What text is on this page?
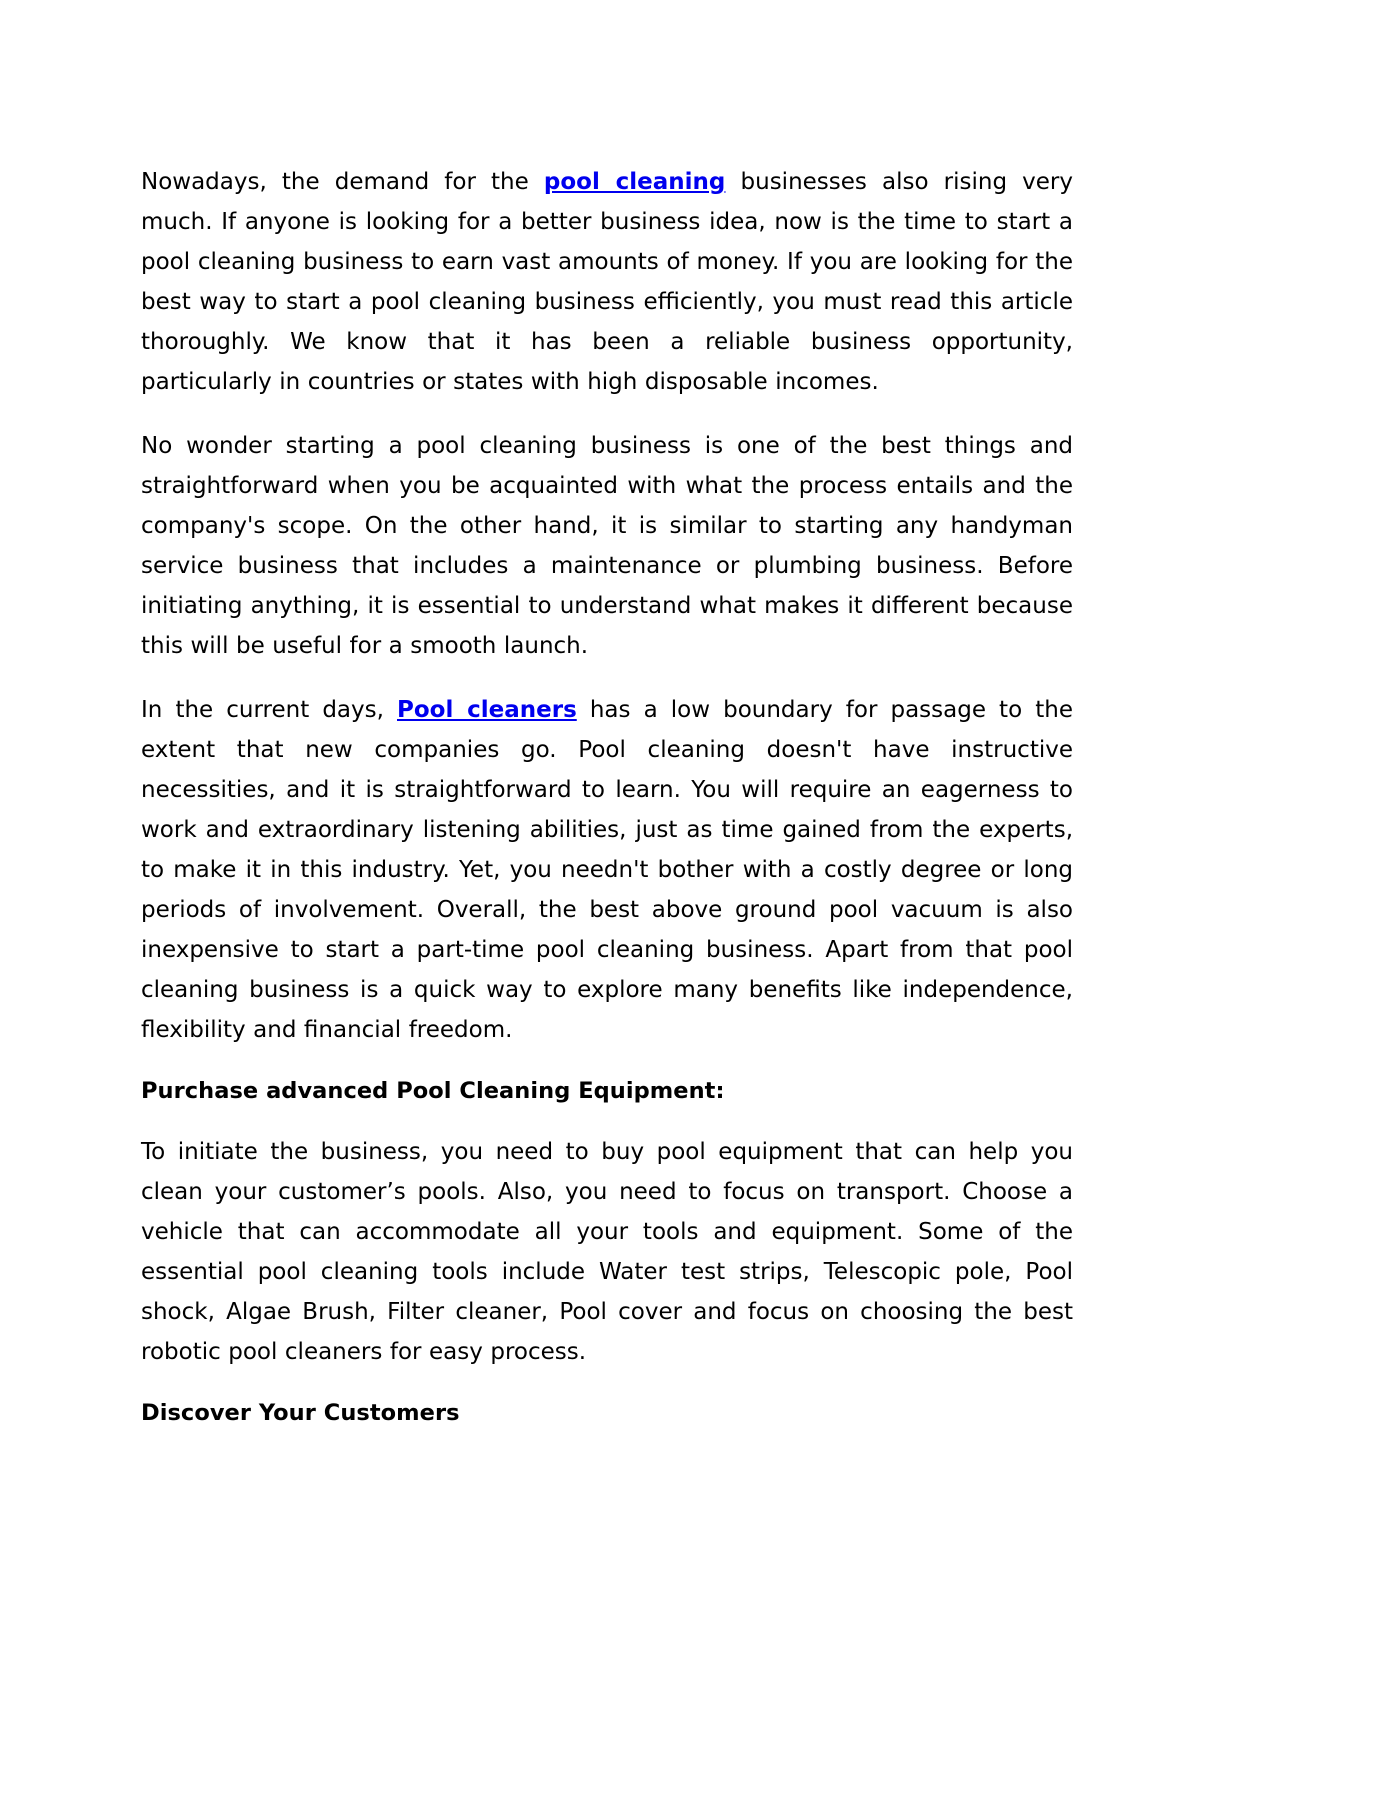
Nowadays, the demand for the pool cleaning businesses also rising very much. If anyone is looking for a better business idea, now is the time to start a pool cleaning business to earn vast amounts of money. If you are looking for the best way to start a pool cleaning business efficiently, you must read this article thoroughly. We know that it has been a reliable business opportunity, particularly in countries or states with high disposable incomes.

No wonder starting a pool cleaning business is one of the best things and straightforward when you be acquainted with what the process entails and the company's scope. On the other hand, it is similar to starting any handyman service business that includes a maintenance or plumbing business. Before initiating anything, it is essential to understand what makes it different because this will be useful for a smooth launch.

In the current days, Pool cleaners has a low boundary for passage to the extent that new companies go. Pool cleaning doesn't have instructive necessities, and it is straightforward to learn. You will require an eagerness to work and extraordinary listening abilities, just as time gained from the experts, to make it in this industry. Yet, you needn't bother with a costly degree or long periods of involvement. Overall, the best above ground pool vacuum is also inexpensive to start a part-time pool cleaning business. Apart from that pool cleaning business is a quick way to explore many benefits like independence, flexibility and financial freedom.

Purchase advanced Pool Cleaning Equipment:

To initiate the business, you need to buy pool equipment that can help you clean your customer’s pools. Also, you need to focus on transport. Choose a vehicle that can accommodate all your tools and equipment. Some of the essential pool cleaning tools include Water test strips, Telescopic pole, Pool shock, Algae Brush, Filter cleaner, Pool cover and focus on choosing the best robotic pool cleaners for easy process.

Discover Your Customers
